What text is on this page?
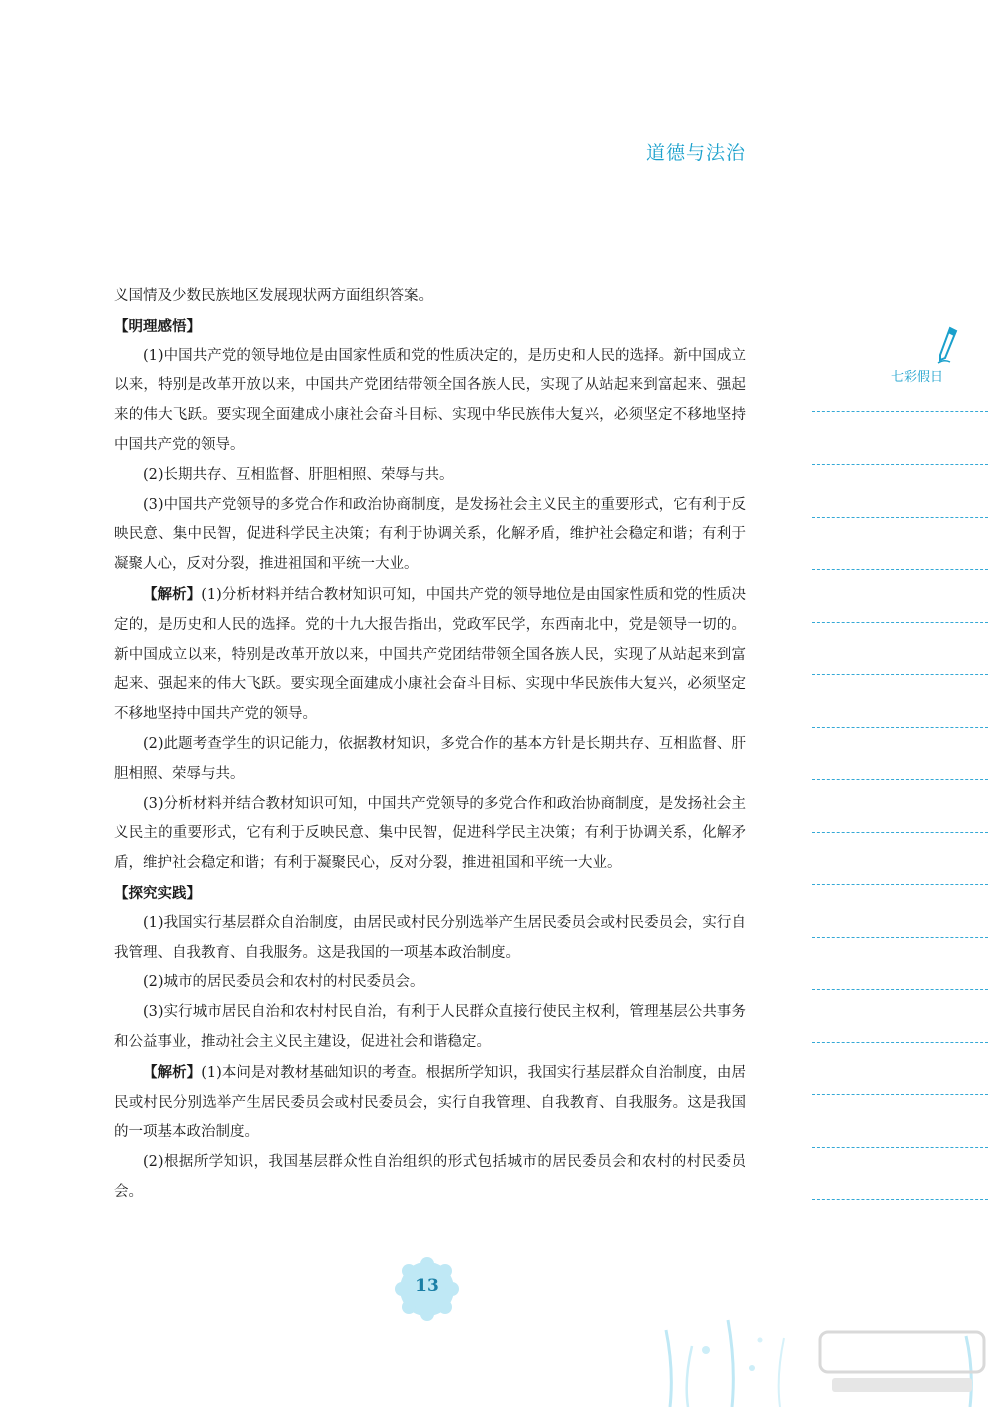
道德与法治

义国情及少数民族地区发展现状两方面组织答案。

【明理感悟】

(1)中国共产党的领导地位是由国家性质和党的性质决定的，是历史和人民的选择。新中国成立以来，特别是改革开放以来，中国共产党团结带领全国各族人民，实现了从站起来到富起来、强起来的伟大飞跃。要实现全面建成小康社会奋斗目标、实现中华民族伟大复兴，必须坚定不移地坚持中国共产党的领导。

(2)长期共存、互相监督、肝胆相照、荣辱与共。

(3)中国共产党领导的多党合作和政治协商制度，是发扬社会主义民主的重要形式，它有利于反映民意、集中民智，促进科学民主决策；有利于协调关系，化解矛盾，维护社会稳定和谐；有利于凝聚人心，反对分裂，推进祖国和平统一大业。

【解析】(1)分析材料并结合教材知识可知，中国共产党的领导地位是由国家性质和党的性质决定的，是历史和人民的选择。党的十九大报告指出，党政军民学，东西南北中，党是领导一切的。新中国成立以来，特别是改革开放以来，中国共产党团结带领全国各族人民，实现了从站起来到富起来、强起来的伟大飞跃。要实现全面建成小康社会奋斗目标、实现中华民族伟大复兴，必须坚定不移地坚持中国共产党的领导。

(2)此题考查学生的识记能力，依据教材知识，多党合作的基本方针是长期共存、互相监督、肝胆相照、荣辱与共。

(3)分析材料并结合教材知识可知，中国共产党领导的多党合作和政治协商制度，是发扬社会主义民主的重要形式，它有利于反映民意、集中民智，促进科学民主决策；有利于协调关系，化解矛盾，维护社会稳定和谐；有利于凝聚民心，反对分裂，推进祖国和平统一大业。

【探究实践】

(1)我国实行基层群众自治制度，由居民或村民分别选举产生居民委员会或村民委员会，实行自我管理、自我教育、自我服务。这是我国的一项基本政治制度。

(2)城市的居民委员会和农村的村民委员会。

(3)实行城市居民自治和农村村民自治，有利于人民群众直接行使民主权利，管理基层公共事务和公益事业，推动社会主义民主建设，促进社会和谐稳定。

【解析】(1)本问是对教材基础知识的考查。根据所学知识，我国实行基层群众自治制度，由居民或村民分别选举产生居民委员会或村民委员会，实行自我管理、自我教育、自我服务。这是我国的一项基本政治制度。

(2)根据所学知识，我国基层群众性自治组织的形式包括城市的居民委员会和农村的村民委员会。

七彩假日
13
